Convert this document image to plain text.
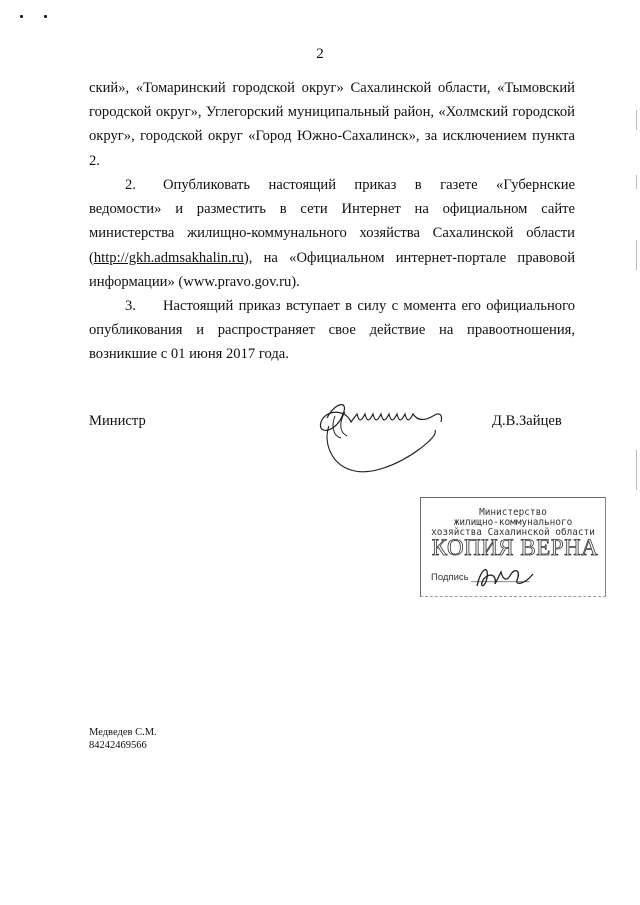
2
ский», «Томаринский городской округ» Сахалинской области, «Тымовский городской округ», Углегорский муниципальный район, «Холмский городской округ», городской округ «Город Южно-Сахалинск», за исключением пункта 2.
2. Опубликовать настоящий приказ в газете «Губернские ведомости» и разместить в сети Интернет на официальном сайте министерства жилищно-коммунального хозяйства Сахалинской области (http://gkh.admsakhalin.ru), на «Официальном интернет-портале правовой информации» (www.pravo.gov.ru).
3. Настоящий приказ вступает в силу с момента его официального опубликования и распространяет свое действие на правоотношения, возникшие с 01 июня 2017 года.
Министр	Д.В.Зайцев
Министерство
жилищно-коммунального
хозяйства Сахалинской области
КОПИЯ ВЕРНА
Подпись ___________
Медведев С.М.
84242469566
